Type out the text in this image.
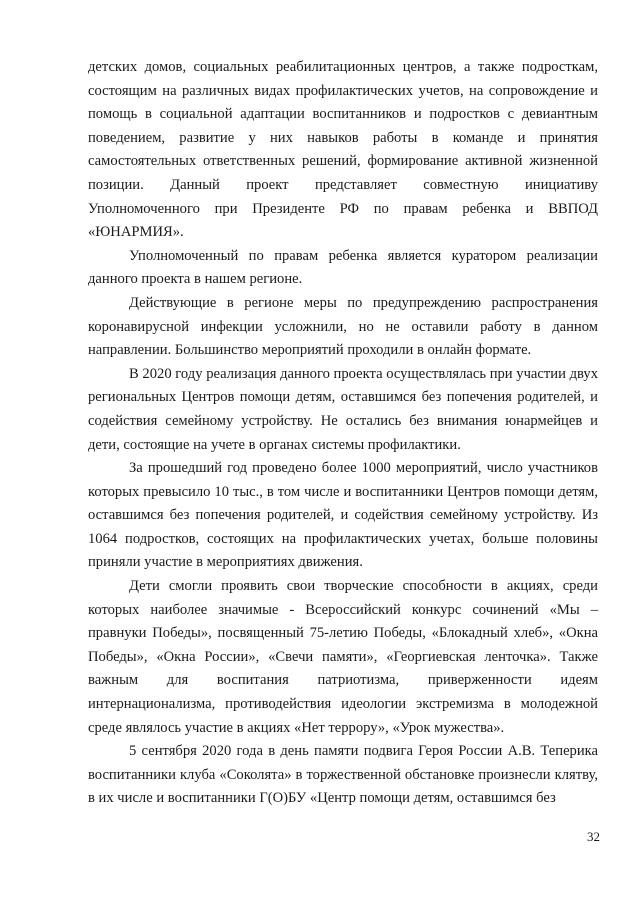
детских домов, социальных реабилитационных центров, а также подросткам, состоящим на различных видах профилактических учетов, на сопровождение и помощь в социальной адаптации воспитанников и подростков с девиантным поведением, развитие у них навыков работы в команде и принятия самостоятельных ответственных решений, формирование активной жизненной позиции. Данный проект представляет совместную инициативу Уполномоченного при Президенте РФ по правам ребенка и ВВПОД «ЮНАРМИЯ».

Уполномоченный по правам ребенка является куратором реализации данного проекта в нашем регионе.

Действующие в регионе меры по предупреждению распространения коронавирусной инфекции усложнили, но не оставили работу в данном направлении. Большинство мероприятий проходили в онлайн формате.

В 2020 году реализация данного проекта осуществлялась при участии двух региональных Центров помощи детям, оставшимся без попечения родителей, и содействия семейному устройству. Не остались без внимания юнармейцев и дети, состоящие на учете в органах системы профилактики.

За прошедший год проведено более 1000 мероприятий, число участников которых превысило 10 тыс., в том числе и воспитанники Центров помощи детям, оставшимся без попечения родителей, и содействия семейному устройству. Из 1064 подростков, состоящих на профилактических учетах, больше половины приняли участие в мероприятиях движения.

Дети смогли проявить свои творческие способности в акциях, среди которых наиболее значимые - Всероссийский конкурс сочинений «Мы – правнуки Победы», посвященный 75-летию Победы, «Блокадный хлеб», «Окна Победы», «Окна России», «Свечи памяти», «Георгиевская ленточка». Также важным для воспитания патриотизма, приверженности идеям интернационализма, противодействия идеологии экстремизма в молодежной среде являлось участие в акциях «Нет террору», «Урок мужества».

5 сентября 2020 года в день памяти подвига Героя России А.В. Теперика воспитанники клуба «Соколята» в торжественной обстановке произнесли клятву, в их числе и воспитанники Г(О)БУ «Центр помощи детям, оставшимся без

32
